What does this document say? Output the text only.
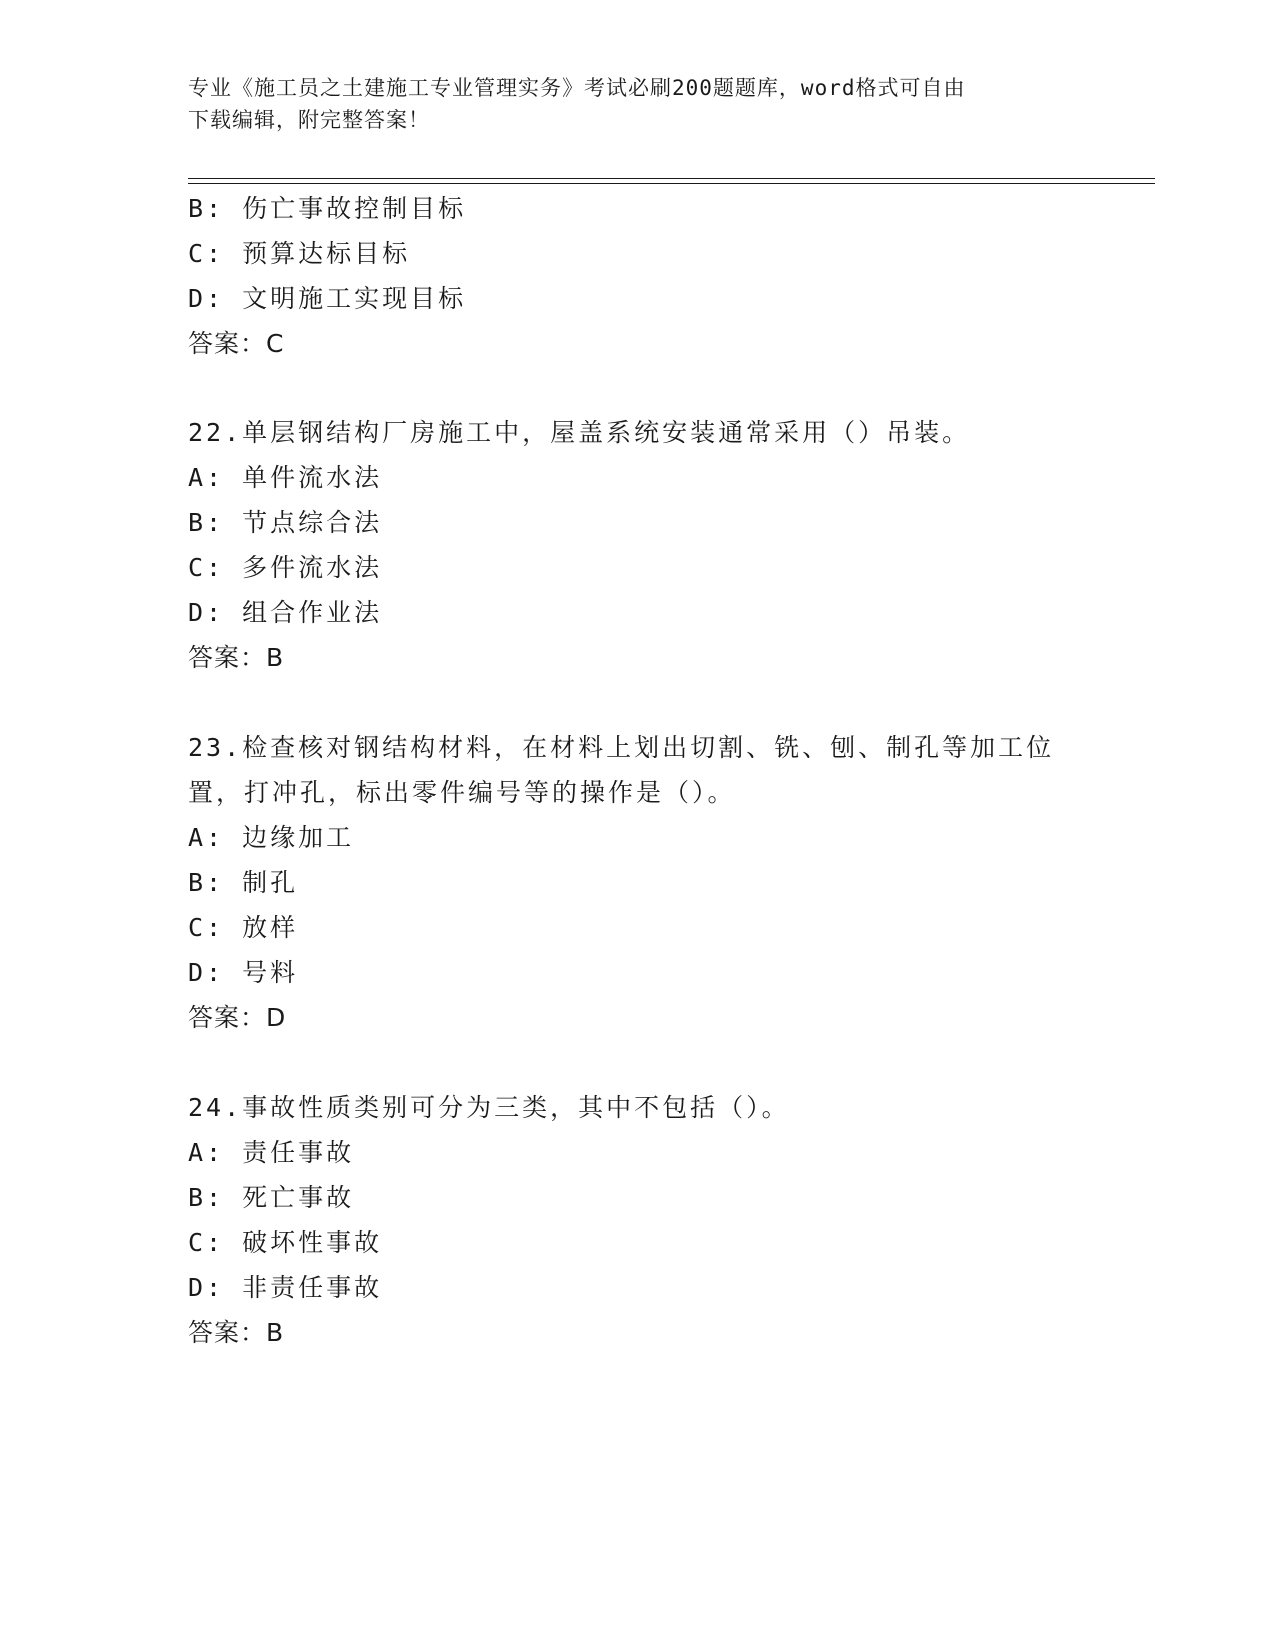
专业《施工员之土建施工专业管理实务》考试必刷200题题库，word格式可自由
下载编辑，附完整答案！
B: 伤亡事故控制目标
C: 预算达标目标
D: 文明施工实现目标
答案：C
22.单层钢结构厂房施工中，屋盖系统安装通常采用（）吊装。
A: 单件流水法
B: 节点综合法
C: 多件流水法
D: 组合作业法
答案：B
23.检查核对钢结构材料，在材料上划出切割、铣、刨、制孔等加工位
置，打冲孔，标出零件编号等的操作是（）。
A: 边缘加工
B: 制孔
C: 放样
D: 号料
答案：D
24.事故性质类别可分为三类，其中不包括（）。
A: 责任事故
B: 死亡事故
C: 破坏性事故
D: 非责任事故
答案：B
